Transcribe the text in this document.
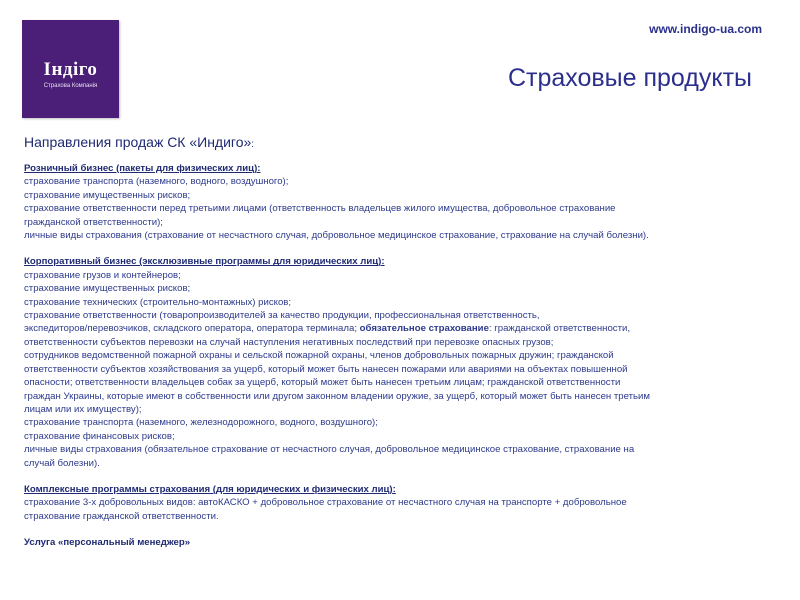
Індіго
Страхова Компанія
www.indigo-ua.com
Страховые продукты
Направления продаж СК «Индиго»:
Розничный бизнес (пакеты для физических лиц):
страхование транспорта (наземного, водного, воздушного);
страхование имущественных рисков;
страхование ответственности перед третьими лицами (ответственность владельцев жилого имущества, добровольное страхование
гражданской ответственности);
личные виды страхования (страхование от несчастного случая, добровольное медицинское страхование, страхование на случай болезни).
Корпоративный бизнес (эксклюзивные программы для юридических лиц):
страхование грузов и контейнеров;
страхование имущественных рисков;
страхование технических (строительно-монтажных) рисков;
страхование ответственности (товаропроизводителей за качество продукции, профессиональная ответственность,
экспедиторов/перевозчиков, складского оператора, оператора терминала; обязательное страхование: гражданской ответственности,
ответственности субъектов перевозки на случай наступления негативных последствий при перевозке опасных грузов;
сотрудников ведомственной пожарной охраны и сельской пожарной охраны, членов добровольных пожарных дружин; гражданской
ответственности субъектов хозяйствования за ущерб, который может быть нанесен пожарами или авариями на объектах повышенной
опасности; ответственности владельцев собак за ущерб, который может быть нанесен третьим лицам; гражданской ответственности
граждан Украины, которые имеют в собственности или другом законном владении оружие, за ущерб, который может быть нанесен третьим
лицам или их имуществу);
страхование транспорта (наземного, железнодорожного, водного, воздушного);
страхование финансовых рисков;
личные виды страхования (обязательное страхование от несчастного случая, добровольное медицинское страхование, страхование на
случай болезни).
Комплексные программы страхования (для юридических и физических лиц):
страхование 3-х добровольных видов: автоКАСКО + добровольное страхование от несчастного случая на транспорте + добровольное
страхование гражданской ответственности.
Услуга «персональный менеджер»
